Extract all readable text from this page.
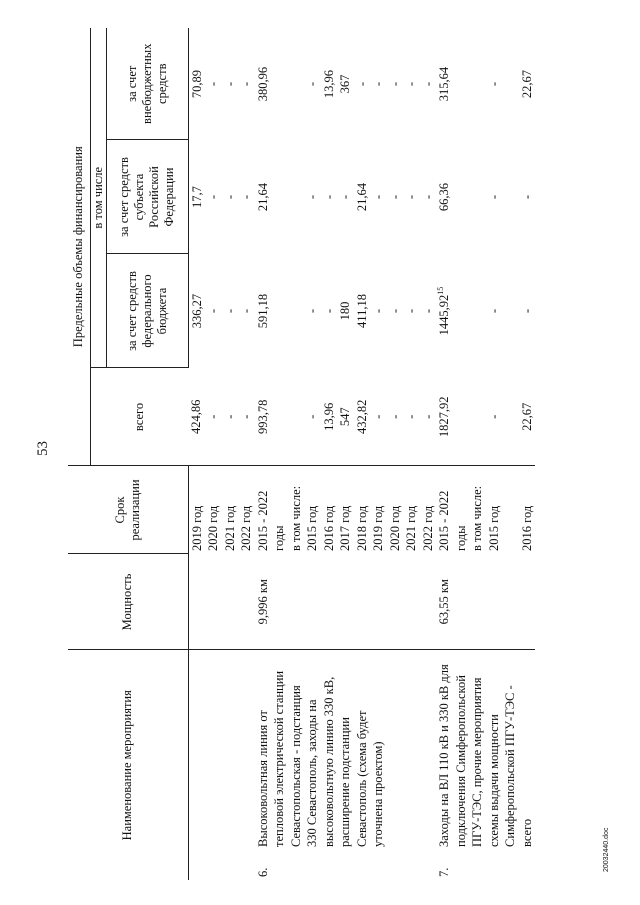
53
20032440.doc
Наименование мероприятия		Мощность	Срок реализации	Предельные объемы финансирования			
				всего	в том числе		
					за счет средств федерального бюджета	за счет средств субъекта Российской Федерации	за счет внебюджетных средств
			2019 год	424,86	336,27	17,7	70,89
			2020 год	-	-	-	-
			2021 год	-	-	-	-
			2022 год	-	-	-	-
6.	Высоковольтная линия от	9,996 км	2015 - 2022	993,78	591,18	21,64	380,96
	тепловой электрической станции		годы				
	Севастопольская - подстанция		в том числе:				
	330 Севастополь, заходы на		2015 год	-	-	-	-
	высоковольтную линию 330 кВ,		2016 год	13,96	-	-	13,96
	расширение подстанции		2017 год	547	180	-	367
	Севастополь (схема будет		2018 год	432,82	411,18	21,64	-
	уточнена проектом)		2019 год	-	-	-	-
			2020 год	-	-	-	-
			2021 год	-	-	-	-
			2022 год	-	-	-	-
7.	Заходы на ВЛ 110 кВ и 330 кВ для	63,55 км	2015 - 2022	1827,92	1445,92$^{15}$	66,36	315,64
	подключения Симферопольской		годы				
	ПГУ-ТЭС, прочие мероприятия		в том числе:				
	схемы выдачи мощности		2015 год	-	-	-	-
	Симферопольской ПГУ-ТЭС -						
	всего		2016 год	22,67	-	-	22,67
